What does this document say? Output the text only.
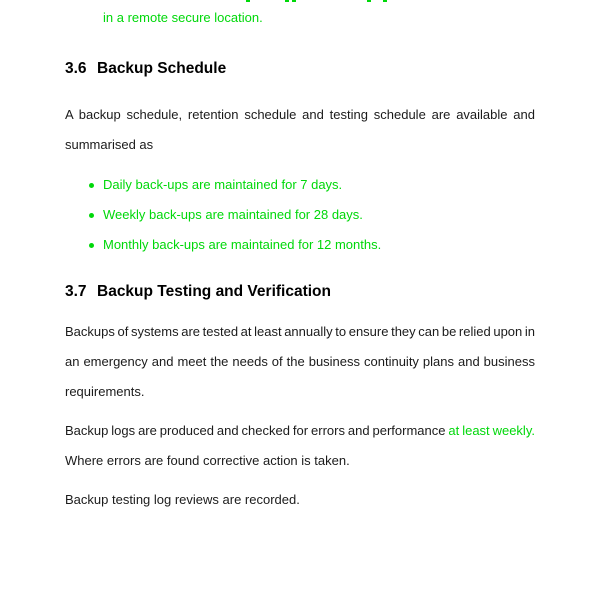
in a remote secure location.
3.6 Backup Schedule
A backup schedule, retention schedule and testing schedule are available and
summarised as
Daily back-ups are maintained for 7 days.
Weekly back-ups are maintained for 28 days.
Monthly back-ups are maintained for 12 months.
3.7 Backup Testing and Verification
Backups of systems are tested at least annually to ensure they can be relied upon in
an emergency and meet the needs of the business continuity plans and business
requirements.
Backup logs are produced and checked for errors and performance at least weekly.
Where errors are found corrective action is taken.
Backup testing log reviews are recorded.
